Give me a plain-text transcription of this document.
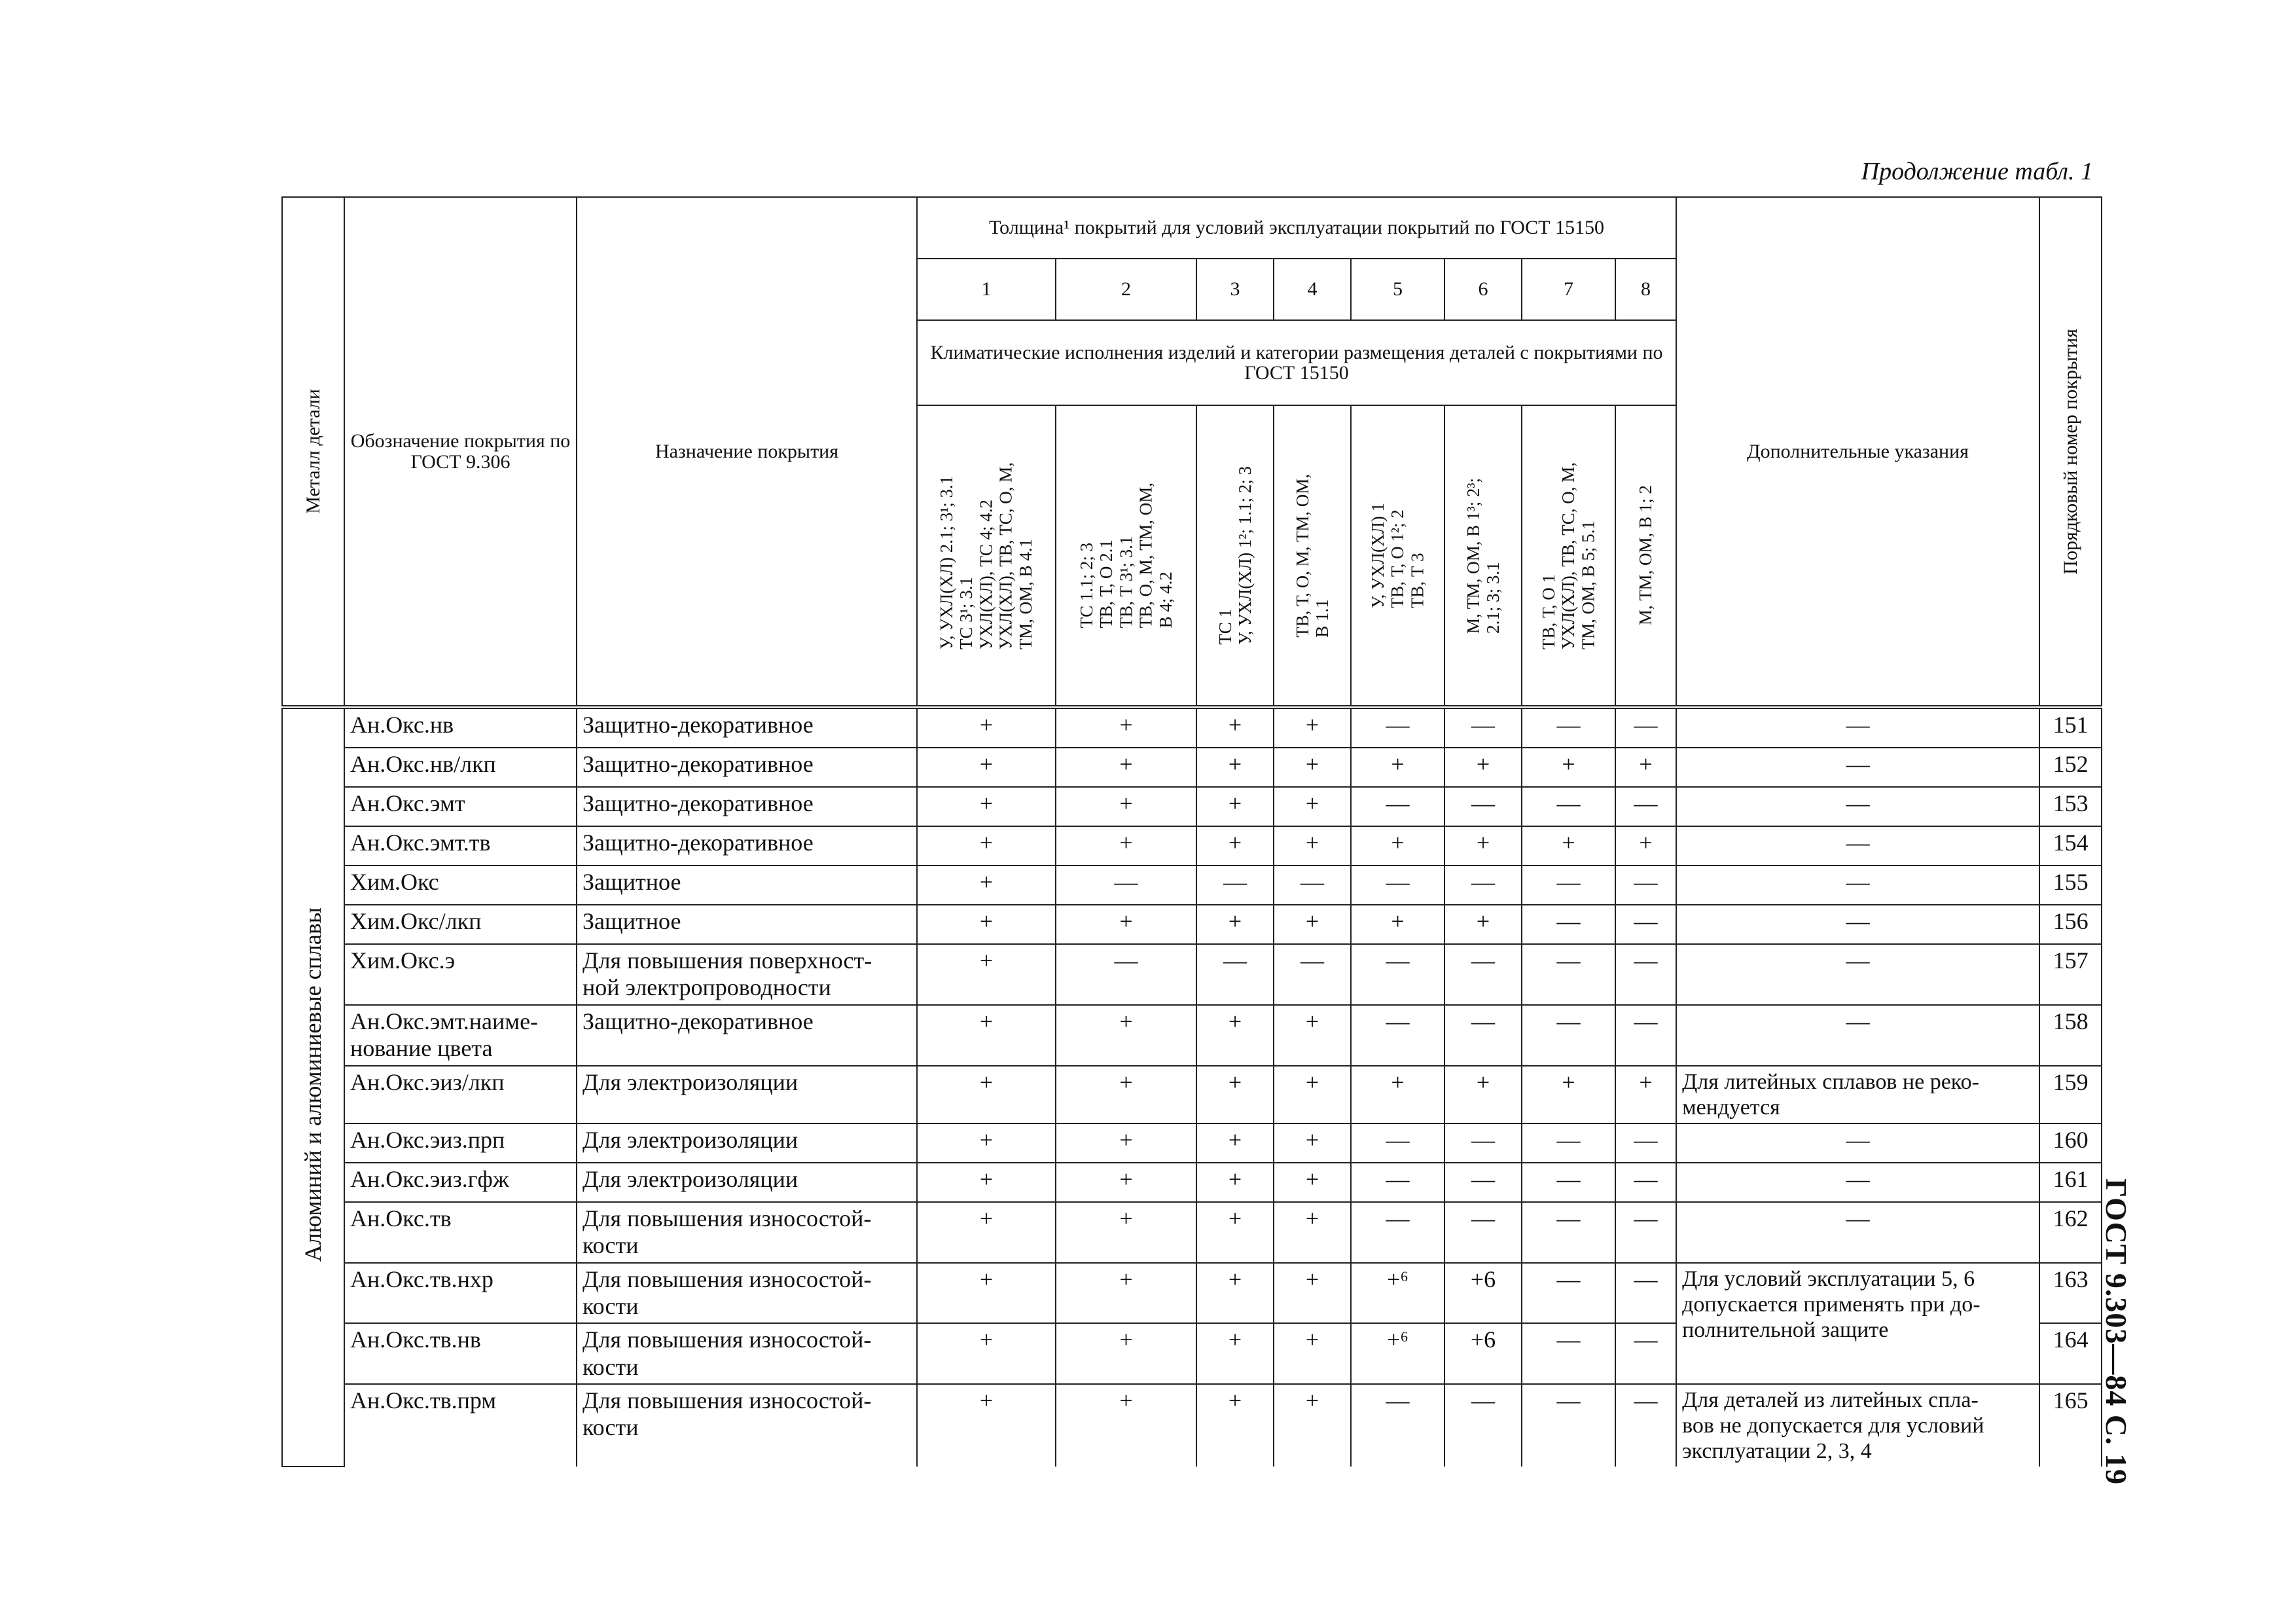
Продолжение табл. 1
ГОСТ 9.303—84 С. 19
Металл детали	Обозначение покрытия по ГОСТ 9.306	Назначение покрытия	Толщина¹ покрытий для условий эксплуатации покрытий по ГОСТ 15150								Дополнительные указания	Порядковый номер покрытия

			1	2	3	4	5	6	7	8		
			Климатические исполнения изделий и категории размещения деталей с покрытиями по ГОСТ 15150									

			У, УХЛ(ХЛ) 2.1; 3¹; 3.1
ТС 3¹; 3.1
УХЛ(ХЛ), ТС 4; 4.2
УХЛ(ХЛ), ТВ, ТС, О, М,
ТМ, ОМ, В 4.1	ТС 1.1; 2; 3
ТВ, Т, О 2.1
ТВ, Т 3¹; 3.1
ТВ, О, М, ТМ, ОМ,
В 4; 4.2	ТС 1
У, УХЛ(ХЛ) 1²; 1.1; 2; 3	ТВ, Т, О, М, ТМ, ОМ,
В 1.1	У, УХЛ(ХЛ) 1
ТВ, Т, О 1²; 2
ТВ, Т 3	М, ТМ, ОМ, В 1³; 2³;
2.1; 3; 3.1	ТВ, Т, О 1
УХЛ(ХЛ), ТВ, ТС, О, М,
ТМ, ОМ, В 5; 5.1	М, ТМ, ОМ, В 1; 2		

Алюминий и алюминиевые сплавы	Ан.Окс.нв	Защитно-декоративное	+	+	+	+	—	—	—	—	—	151
	Ан.Окс.нв/лкп	Защитно-декоративное	+	+	+	+	+	+	+	+	—	152
	Ан.Окс.эмт	Защитно-декоративное	+	+	+	+	—	—	—	—	—	153
	Ан.Окс.эмт.тв	Защитно-декоративное	+	+	+	+	+	+	+	+	—	154
	Хим.Окс	Защитное	+	—	—	—	—	—	—	—	—	155
	Хим.Окс/лкп	Защитное	+	+	+	+	+	+	—	—	—	156
	Хим.Окс.э	Для повышения поверхност-
ной электропроводности	+	—	—	—	—	—	—	—	—	157
	Ан.Окс.эмт.наиме-
нование цвета	Защитно-декоративное	+	+	+	+	—	—	—	—	—	158
	Ан.Окс.эиз/лкп	Для электроизоляции	+	+	+	+	+	+	+	+	Для литейных сплавов не реко-
мендуется	159
	Ан.Окс.эиз.прп	Для электроизоляции	+	+	+	+	—	—	—	—	—	160
	Ан.Окс.эиз.гфж	Для электроизоляции	+	+	+	+	—	—	—	—	—	161
	Ан.Окс.тв	Для повышения износостой-
кости	+	+	+	+	—	—	—	—	—	162
	Ан.Окс.тв.нхр	Для повышения износостой-
кости	+	+	+	+	+⁶	+6	—	—	Для условий эксплуатации 5, 6
допускается применять при до-
полнительной защите	163
	Ан.Окс.тв.нв	Для повышения износостой-
кости	+	+	+	+	+⁶	+6	—	—		164
	Ан.Окс.тв.прм	Для повышения износостой-
кости	+	+	+	+	—	—	—	—	Для деталей из литейных спла-
вов не допускается для условий
эксплуатации 2, 3, 4	165
